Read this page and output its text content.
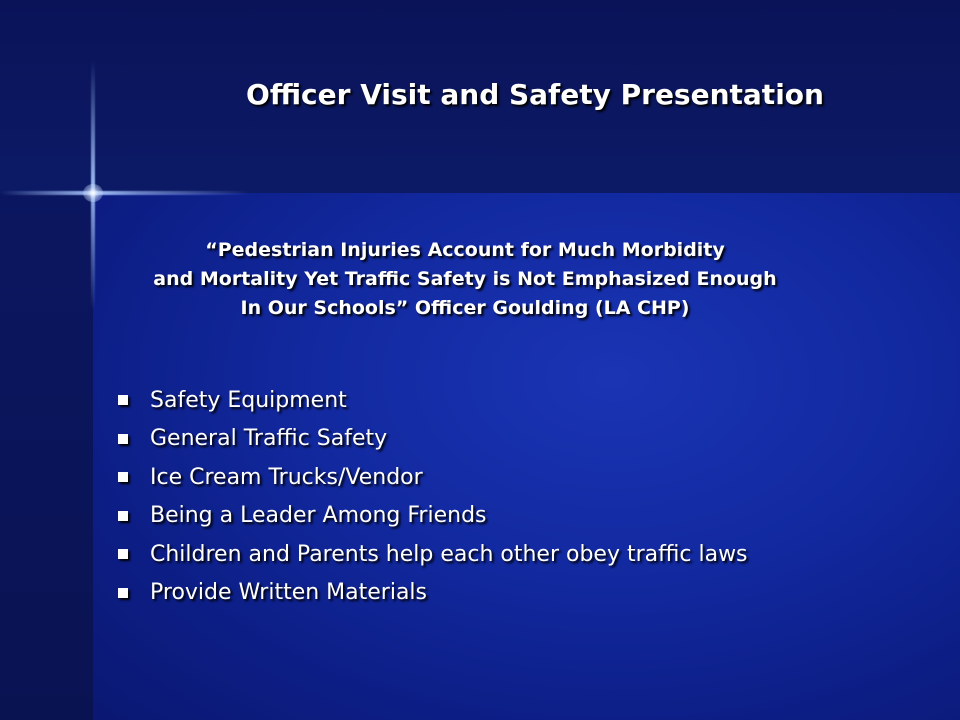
Officer Visit and Safety Presentation
“Pedestrian Injuries Account for Much Morbidity
and Mortality Yet Traffic Safety is Not Emphasized Enough
In Our Schools” Officer Goulding (LA CHP)
Safety Equipment
General Traffic Safety
Ice Cream Trucks/Vendor
Being a Leader Among Friends
Children and Parents help each other obey traffic laws
Provide Written Materials
